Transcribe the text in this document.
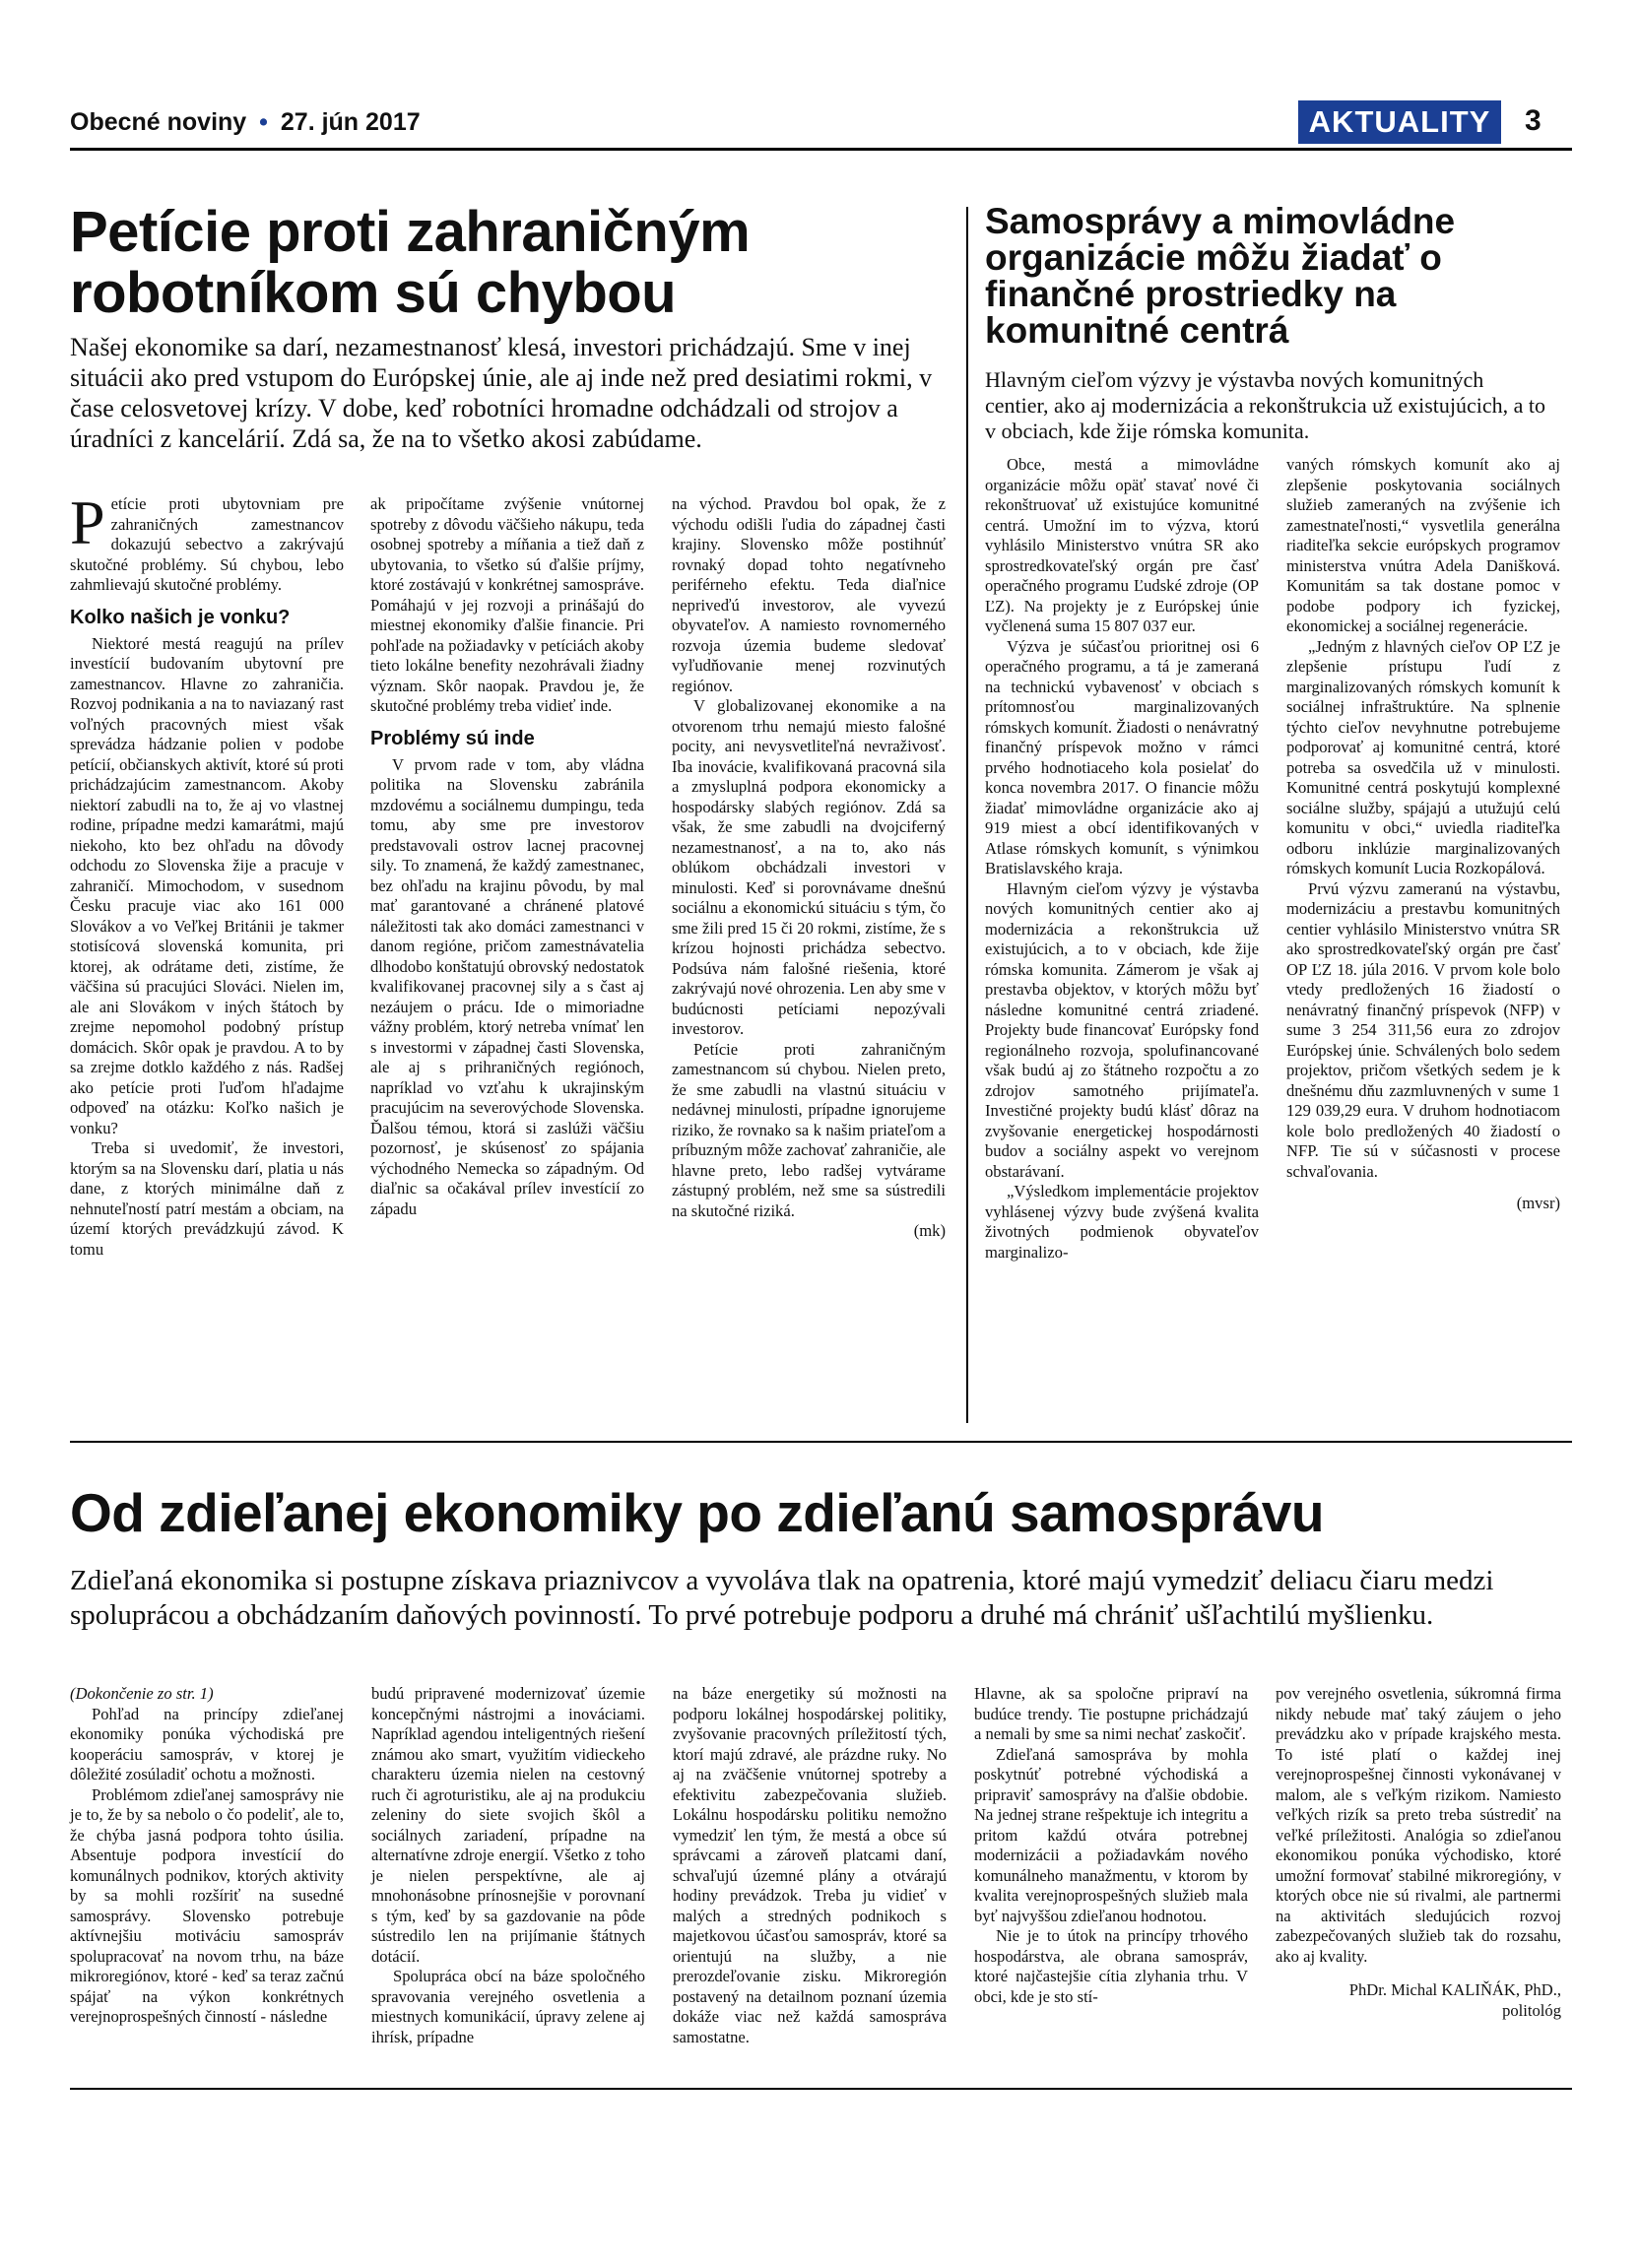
Obecné noviny • 27. jún 2017	AKTUALITY	3
Petície proti zahraničným robotníkom sú chybou
Našej ekonomike sa darí, nezamestnanosť klesá, investori prichádzajú. Sme v inej situácii ako pred vstupom do Európskej únie, ale aj inde než pred desiatimi rokmi, v čase celosvetovej krízy. V dobe, keď robotníci hromadne odchádzali od strojov a úradníci z kancelárií. Zdá sa, že na to všetko akosi zabúdame.

Petície proti ubytovniam pre zahraničných zamestnancov dokazujú sebectvo a zakrývajú skutočné problémy. Sú chybou, lebo zahmlievajú skutočné problémy.

Kolko našich je vonku?

Niektoré mestá reagujú na prílev investícií budovaním ubytovní pre zamestnancov. Hlavne zo zahraničia. Rozvoj podnikania a na to naviazaný rast voľných pracovných miest však sprevádza hádzanie polien v podobe petícií, občianskych aktivít, ktoré sú proti prichádzajúcim zamestnancom. Akoby niektorí zabudli na to, že aj vo vlastnej rodine, prípadne medzi kamarátmi, majú niekoho, kto bez ohľadu na dôvody odchodu zo Slovenska žije a pracuje v zahraničí. Mimochodom, v susednom Česku pracuje viac ako 161 000 Slovákov a vo Veľkej Británii je takmer stotisícová slovenská komunita, pri ktorej, ak odrátame deti, zistíme, že väčšina sú pracujúci Slováci. Nielen im, ale ani Slovákom v iných štátoch by zrejme nepomohol podobný prístup domácich. Skôr opak je pravdou. A to by sa zrejme dotklo každého z nás. Radšej ako petície proti ľuďom hľadajme odpoveď na otázku: Koľko našich je vonku?

Treba si uvedomiť, že investori, ktorým sa na Slovensku darí, platia u nás dane, z ktorých minimálne daň z nehnuteľností patrí mestám a obciam, na území ktorých prevádzkujú závod. K tomu

ak pripočítame zvýšenie vnútornej spotreby z dôvodu väčšieho nákupu, teda osobnej spotreby a míňania a tiež daň z ubytovania, to všetko sú ďalšie príjmy, ktoré zostávajú v konkrétnej samospráve. Pomáhajú v jej rozvoji a prinášajú do miestnej ekonomiky ďalšie financie. Pri pohľade na požiadavky v petíciách akoby tieto lokálne benefity nezohrávali žiadny význam. Skôr naopak. Pravdou je, že skutočné problémy treba vidieť inde.

Problémy sú inde

V prvom rade v tom, aby vládna politika na Slovensku zabránila mzdovému a sociálnemu dumpingu, teda tomu, aby sme pre investorov predstavovali ostrov lacnej pracovnej sily. To znamená, že každý zamestnanec, bez ohľadu na krajinu pôvodu, by mal mať garantované a chránené platové náležitosti tak ako domáci zamestnanci v danom regióne, pričom zamestnávatelia dlhodobo konštatujú obrovský nedostatok kvalifikovanej pracovnej sily a s čast aj nezáujem o prácu. Ide o mimoriadne vážny problém, ktorý netreba vnímať len s investormi v západnej časti Slovenska, ale aj s prihraničných regiónoch, napríklad vo vzťahu k ukrajinským pracujúcim na severovýchode Slovenska. Ďalšou témou, ktorá si zaslúži väčšiu pozornosť, je skúsenosť zo spájania východného Nemecka so západným. Od diaľnic sa očakával prílev investícií zo západu

na východ. Pravdou bol opak, že z východu odišli ľudia do západnej časti krajiny. Slovensko môže postihnúť rovnaký dopad tohto negatívneho periférneho efektu. Teda diaľnice nepriveďú investorov, ale vyvezú obyvateľov. A namiesto rovnomerného rozvoja územia budeme sledovať vyľudňovanie menej rozvinutých regiónov.

V globalizovanej ekonomike a na otvorenom trhu nemajú miesto falošné pocity, ani nevysvetliteľná nevraživosť. Iba inovácie, kvalifikovaná pracovná sila a zmysluplná podpora ekonomicky a hospodársky slabých regiónov. Zdá sa však, že sme zabudli na dvojciferný nezamestnanosť, a na to, ako nás oblúkom obchádzali investori v minulosti. Keď si porovnávame dnešnú sociálnu a ekonomickú situáciu s tým, čo sme žili pred 15 či 20 rokmi, zistíme, že s krízou hojnosti prichádza sebectvo. Podsúva nám falošné riešenia, ktoré zakrývajú nové ohrozenia. Len aby sme v budúcnosti petíciami nepozývali investorov.

Petície proti zahraničným zamestnancom sú chybou. Nielen preto, že sme zabudli na vlastnú situáciu v nedávnej minulosti, prípadne ignorujeme riziko, že rovnako sa k našim priateľom a príbuzným môže zachovať zahraničie, ale hlavne preto, lebo radšej vytvárame zástupný problém, než sme sa sústredili na skutočné riziká.

(mk)

Samosprávy a mimovládne organizácie môžu žiadať o finančné prostriedky na komunitné centrá
Hlavným cieľom výzvy je výstavba nových komunitných centier, ako aj modernizácia a rekonštrukcia už existujúcich, a to v obciach, kde žije rómska komunita.

Obce, mestá a mimovládne organizácie môžu opäť stavať nové či rekonštruovať už existujúce komunitné centrá. Umožní im to výzva, ktorú vyhlásilo Ministerstvo vnútra SR ako sprostredkovateľský orgán pre časť operačného programu Ľudské zdroje (OP ĽZ). Na projekty je z Európskej únie vyčlenená suma 15 807 037 eur.

Výzva je súčasťou prioritnej osi 6 operačného programu, a tá je zameraná na technickú vybavenosť v obciach s prítomnosťou marginalizovaných rómskych komunít. Žiadosti o nenávratný finančný príspevok možno v rámci prvého hodnotiaceho kola posielať do konca novembra 2017. O financie môžu žiadať mimovládne organizácie ako aj 919 miest a obcí identifikovaných v Atlase rómskych komunít, s výnimkou Bratislavského kraja.

Hlavným cieľom výzvy je výstavba nových komunitných centier ako aj modernizácia a rekonštrukcia už existujúcich, a to v obciach, kde žije rómska komunita. Zámerom je však aj prestavba objektov, v ktorých môžu byť následne komunitné centrá zriadené. Projekty bude financovať Európsky fond regionálneho rozvoja, spolufinancované však budú aj zo štátneho rozpočtu a zo zdrojov samotného prijímateľa. Investičné projekty budú klásť dôraz na zvyšovanie energetickej hospodárnosti budov a sociálny aspekt vo verejnom obstarávaní.

„Výsledkom implementácie projektov vyhlásenej výzvy bude zvýšená kvalita životných podmienok obyvateľov marginalizo-

vaných rómskych komunít ako aj zlepšenie poskytovania sociálnych služieb zameraných na zvýšenie ich zamestnateľnosti,“ vysvetlila generálna riaditeľka sekcie európskych programov ministerstva vnútra Adela Danišková. Komunitám sa tak dostane pomoc v podobe podpory ich fyzickej, ekonomickej a sociálnej regenerácie.

„Jedným z hlavných cieľov OP ĽZ je zlepšenie prístupu ľudí z marginalizovaných rómskych komunít k sociálnej infraštruktúre. Na splnenie týchto cieľov nevyhnutne potrebujeme podporovať aj komunitné centrá, ktoré potreba sa osvedčila už v minulosti. Komunitné centrá poskytujú komplexné sociálne služby, spájajú a utužujú celú komunitu v obci,“ uviedla riaditeľka odboru inklúzie marginalizovaných rómskych komunít Lucia Rozkopálová.

Prvú výzvu zameranú na výstavbu, modernizáciu a prestavbu komunitných centier vyhlásilo Ministerstvo vnútra SR ako sprostredkovateľský orgán pre časť OP ĽZ 18. júla 2016. V prvom kole bolo vtedy predložených 16 žiadostí o nenávratný finančný príspevok (NFP) v sume 3 254 311,56 eura zo zdrojov Európskej únie. Schválených bolo sedem projektov, pričom všetkých sedem je k dnešnému dňu zazmluvnených v sume 1 129 039,29 eura. V druhom hodnotiacom kole bolo predložených 40 žiadostí o NFP. Tie sú v súčasnosti v procese schvaľovania.

(mvsr)

Od zdieľanej ekonomiky po zdieľanú samosprávu
Zdieľaná ekonomika si postupne získava priaznivcov a vyvoláva tlak na opatrenia, ktoré majú vymedziť deliacu čiaru medzi spoluprácou a obchádzaním daňových povinností. To prvé potrebuje podporu a druhé má chrániť ušľachtilú myšlienku.

(Dokončenie zo str. 1)

Pohľad na princípy zdieľanej ekonomiky ponúka východiská pre kooperáciu samospráv, v ktorej je dôležité zosúladiť ochotu a možnosti.

Problémom zdieľanej samosprávy nie je to, že by sa nebolo o čo podeliť, ale to, že chýba jasná podpora tohto úsilia. Absentuje podpora investícií do komunálnych podnikov, ktorých aktivity by sa mohli rozšíriť na susedné samosprávy. Slovensko potrebuje aktívnejšiu motiváciu samospráv spolupracovať na novom trhu, na báze mikroregiónov, ktoré - keď sa teraz začnú spájať na výkon konkrétnych verejnoprospešných činností - následne

budú pripravené modernizovať územie koncepčnými nástrojmi a inováciami. Napríklad agendou inteligentných riešení známou ako smart, využitím vidieckeho charakteru územia nielen na cestovný ruch či agroturistiku, ale aj na produkciu zeleniny do siete svojich škôl a sociálnych zariadení, prípadne na alternatívne zdroje energií. Všetko z toho je nielen perspektívne, ale aj mnohonásobne prínosnejšie v porovnaní s tým, keď by sa gazdovanie na pôde sústredilo len na prijímanie štátnych dotácií.

Spolupráca obcí na báze spoločného spravovania verejného osvetlenia a miestnych komunikácií, úpravy zelene aj ihrísk, prípadne

na báze energetiky sú možnosti na podporu lokálnej hospodárskej politiky, zvyšovanie pracovných príležitostí tých, ktorí majú zdravé, ale prázdne ruky. No aj na zväčšenie vnútornej spotreby a efektivitu zabezpečovania služieb. Lokálnu hospodársku politiku nemožno vymedziť len tým, že mestá a obce sú správcami a zároveň platcami daní, schvaľujú územné plány a otvárajú hodiny prevádzok. Treba ju vidieť v malých a stredných podnikoch s majetkovou účasťou samospráv, ktoré sa orientujú na služby, a nie prerozdeľovanie zisku. Mikroregión postavený na detailnom poznaní územia dokáže viac než každá samospráva samostatne.

Hlavne, ak sa spoločne pripraví na budúce trendy. Tie postupne prichádzajú a nemali by sme sa nimi nechať zaskočiť.

Zdieľaná samospráva by mohla poskytnúť potrebné východiská a pripraviť samosprávy na ďalšie obdobie. Na jednej strane rešpektuje ich integritu a pritom každú otvára potrebnej modernizácii a požiadavkám nového komunálneho manažmentu, v ktorom by kvalita verejnoprospešných služieb mala byť najvyššou zdieľanou hodnotou.

Nie je to útok na princípy trhového hospodárstva, ale obrana samospráv, ktoré najčastejšie cítia zlyhania trhu. V obci, kde je sto stí-

pov verejného osvetlenia, súkromná firma nikdy nebude mať taký záujem o jeho prevádzku ako v prípade krajského mesta. To isté platí o každej inej verejnoprospešnej činnosti vykonávanej v malom, ale s veľkým rizikom. Namiesto veľkých rizík sa preto treba sústrediť na veľké príležitosti. Analógia so zdieľanou ekonomikou ponúka východisko, ktoré umožní formovať stabilné mikroregióny, v ktorých obce nie sú rivalmi, ale partnermi na aktivitách sledujúcich rozvoj zabezpečovaných služieb tak do rozsahu, ako aj kvality.

PhDr. Michal KALIŇÁK, PhD.,

politológ
